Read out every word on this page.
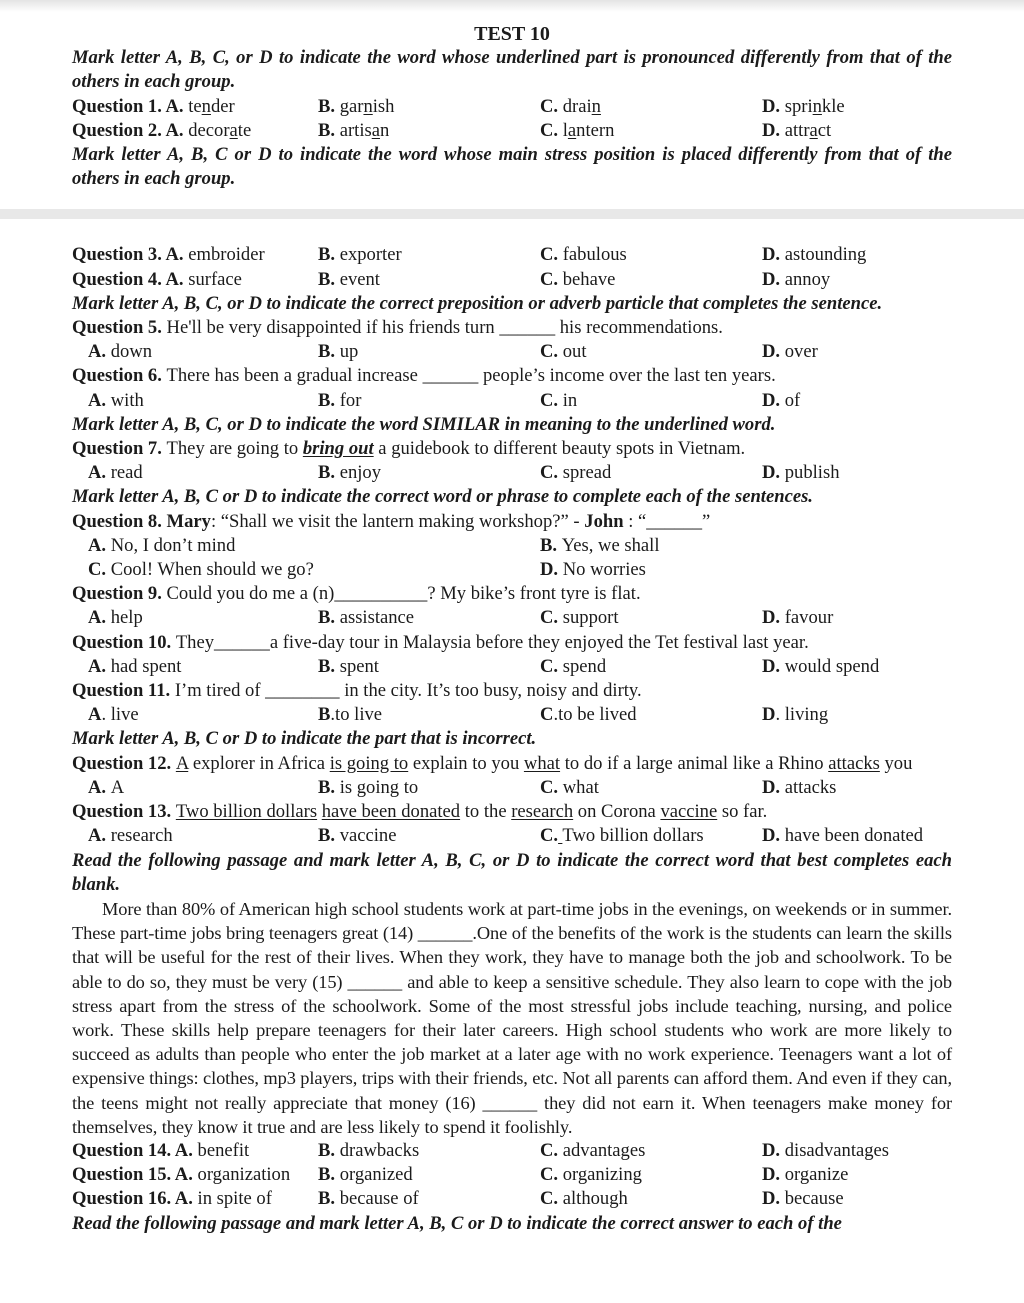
TEST 10

Mark letter A, B, C, or D to indicate the word whose underlined part is pronounced differently from that of the others in each group.

Question 1. A. tender	B. garnish	C. drain	D. sprinkle
Question 2. A. decorate	B. artisan	C. lantern	D. attract

Mark letter A, B, C or D to indicate the word whose main stress position is placed differently from that of the others in each group.

Question 3. A. embroider	B. exporter	C. fabulous	D. astounding
Question 4. A. surface	B. event	C. behave	D. annoy

Mark letter A, B, C, or D to indicate the correct preposition or adverb particle that completes the sentence.

Question 5. He'll be very disappointed if his friends turn ______ his recommendations.

A. down	B. up	C. out	D. over

Question 6. There has been a gradual increase ______ people’s income over the last ten years.

A. with	B. for	C. in	D. of

Mark letter A, B, C, or D to indicate the word SIMILAR in meaning to the underlined word.

Question 7. They are going to bring out a guidebook to different beauty spots in Vietnam.

A. read	B. enjoy	C. spread	D. publish

Mark letter A, B, C or D to indicate the correct word or phrase to complete each of the sentences.

Question 8. Mary: “Shall we visit the lantern making workshop?” - John : “______”

A. No, I don’t mind	B. Yes, we shall
C. Cool! When should we go?	D. No worries

Question 9. Could you do me a (n)__________? My bike’s front tyre is flat.

A. help	B. assistance	C. support	D. favour

Question 10. They______a five-day tour in Malaysia before they enjoyed the Tet festival last year.

A. had spent	B. spent	C. spend	D. would spend

Question 11. I’m tired of ________ in the city. It’s too busy, noisy and dirty.

A. live	B.to live	C.to be lived	D. living

Mark letter A, B, C or D to indicate the part that is incorrect.

Question 12. A explorer in Africa is going to explain to you what to do if a large animal like a Rhino attacks you

A. A	B. is going to	C. what	D. attacks

Question 13. Two billion dollars have been donated to the research on Corona vaccine so far.

A. research	B. vaccine	C. Two billion dollars	D. have been donated

Read the following passage and mark letter A, B, C, or D to indicate the correct word that best completes each blank.

More than 80% of American high school students work at part-time jobs in the evenings, on weekends or in summer. These part-time jobs bring teenagers great (14) ______.One of the benefits of the work is the students can learn the skills that will be useful for the rest of their lives. When they work, they have to manage both the job and schoolwork. To be able to do so, they must be very (15) ______ and able to keep a sensitive schedule. They also learn to cope with the job stress apart from the stress of the schoolwork. Some of the most stressful jobs include teaching, nursing, and police work. These skills help prepare teenagers for their later careers. High school students who work are more likely to succeed as adults than people who enter the job market at a later age with no work experience. Teenagers want a lot of expensive things: clothes, mp3 players, trips with their friends, etc. Not all parents can afford them. And even if they can, the teens might not really appreciate that money (16) ______ they did not earn it. When teenagers make money for themselves, they know it true and are less likely to spend it foolishly.

Question 14. A. benefit	B. drawbacks	C. advantages	D. disadvantages
Question 15. A. organization	B. organized	C. organizing	D. organize
Question 16. A. in spite of	B. because of	C. although	D. because

Read the following passage and mark letter A, B, C or D to indicate the correct answer to each of the
